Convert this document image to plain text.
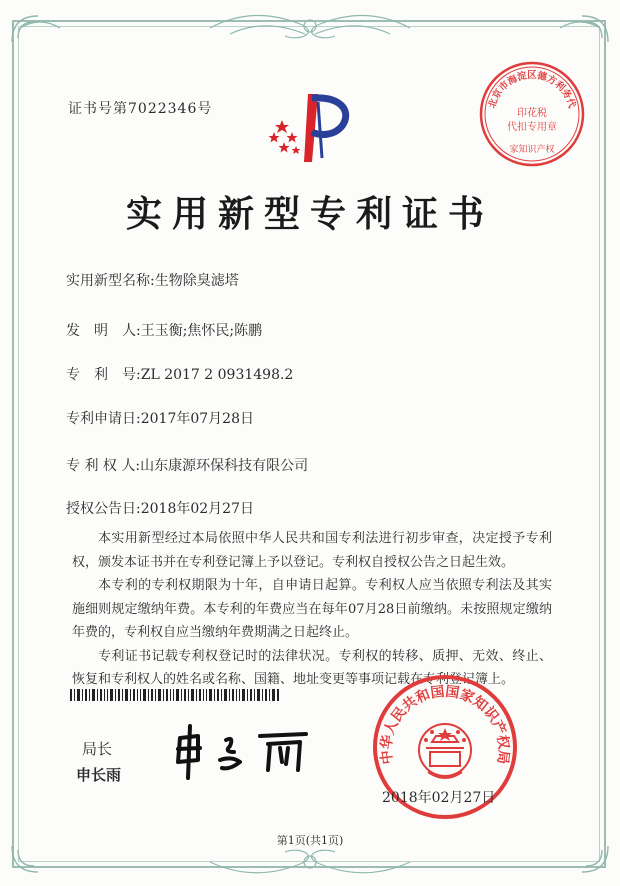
证书号第7022346号	北京市海淀区德方利务代
印花税
代扣专用章
家知识产权
实用新型专利证书
实用新型名称:生物除臭滤塔
发　明　人:王玉衡;焦怀民;陈鹏
专　利　号:ZL 2017 2 0931498.2
专利申请日:2017年07月28日
专 利 权 人:山东康源环保科技有限公司
授权公告日:2018年02月27日

本实用新型经过本局依照中华人民共和国专利法进行初步审查，决定授予专利权，颁发本证书并在专利登记簿上予以登记。专利权自授权公告之日起生效。

本专利的专利权期限为十年，自申请日起算。专利权人应当依照专利法及其实施细则规定缴纳年费。本专利的年费应当在每年07月28日前缴纳。未按照规定缴纳年费的，专利权自应当缴纳年费期满之日起终止。

专利证书记载专利权登记时的法律状况。专利权的转移、质押、无效、终止、恢复和专利权人的姓名或名称、国籍、地址变更等事项记载在专利登记簿上。

局长
申长雨
中华人民共和国国家知识产权局
2018年02月27日
第1页(共1页)
